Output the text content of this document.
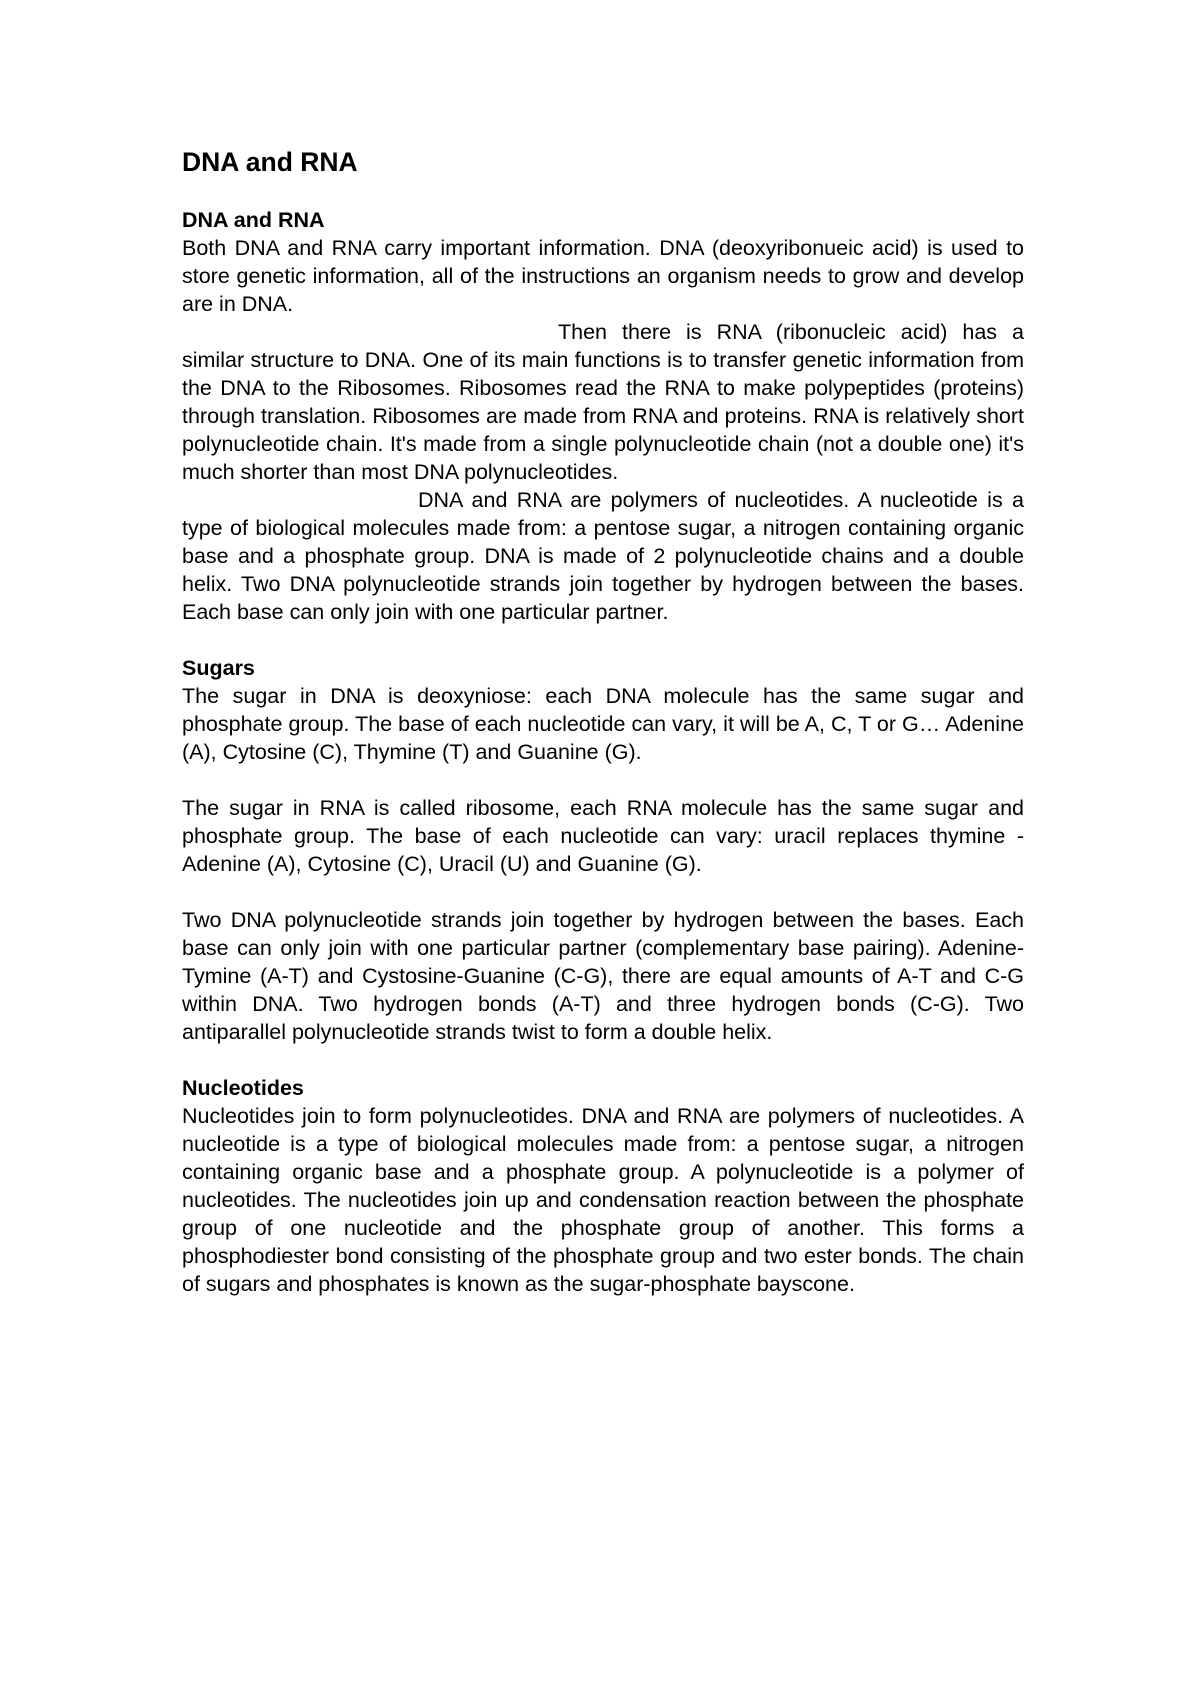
DNA and RNA
DNA and RNA

Both DNA and RNA carry important information. DNA (deoxyribonueic acid) is used to store genetic information, all of the instructions an organism needs to grow and develop are in DNA.

Then there is RNA (ribonucleic acid) has a similar structure to DNA. One of its main functions is to transfer genetic information from the DNA to the Ribosomes. Ribosomes read the RNA to make polypeptides (proteins) through translation. Ribosomes are made from RNA and proteins. RNA is relatively short polynucleotide chain. It's made from a single polynucleotide chain (not a double one) it's much shorter than most DNA polynucleotides.

DNA and RNA are polymers of nucleotides. A nucleotide is a type of biological molecules made from: a pentose sugar, a nitrogen containing organic base and a phosphate group. DNA is made of 2 polynucleotide chains and a double helix. Two DNA polynucleotide strands join together by hydrogen between the bases. Each base can only join with one particular partner.

Sugars

The sugar in DNA is deoxyniose: each DNA molecule has the same sugar and phosphate group. The base of each nucleotide can vary, it will be A, C, T or G… Adenine (A), Cytosine (C), Thymine (T) and Guanine (G).

The sugar in RNA is called ribosome, each RNA molecule has the same sugar and phosphate group. The base of each nucleotide can vary: uracil replaces thymine - Adenine (A), Cytosine (C), Uracil (U) and Guanine (G).

Two DNA polynucleotide strands join together by hydrogen between the bases. Each base can only join with one particular partner (complementary base pairing). Adenine-Tymine (A-T) and Cystosine-Guanine (C-G), there are equal amounts of A-T and C-G within DNA. Two hydrogen bonds (A-T) and three hydrogen bonds (C-G). Two antiparallel polynucleotide strands twist to form a double helix.

Nucleotides

Nucleotides join to form polynucleotides. DNA and RNA are polymers of nucleotides. A nucleotide is a type of biological molecules made from: a pentose sugar, a nitrogen containing organic base and a phosphate group. A polynucleotide is a polymer of nucleotides. The nucleotides join up and condensation reaction between the phosphate group of one nucleotide and the phosphate group of another. This forms a phosphodiester bond consisting of the phosphate group and two ester bonds. The chain of sugars and phosphates is known as the sugar-phosphate bayscone.
